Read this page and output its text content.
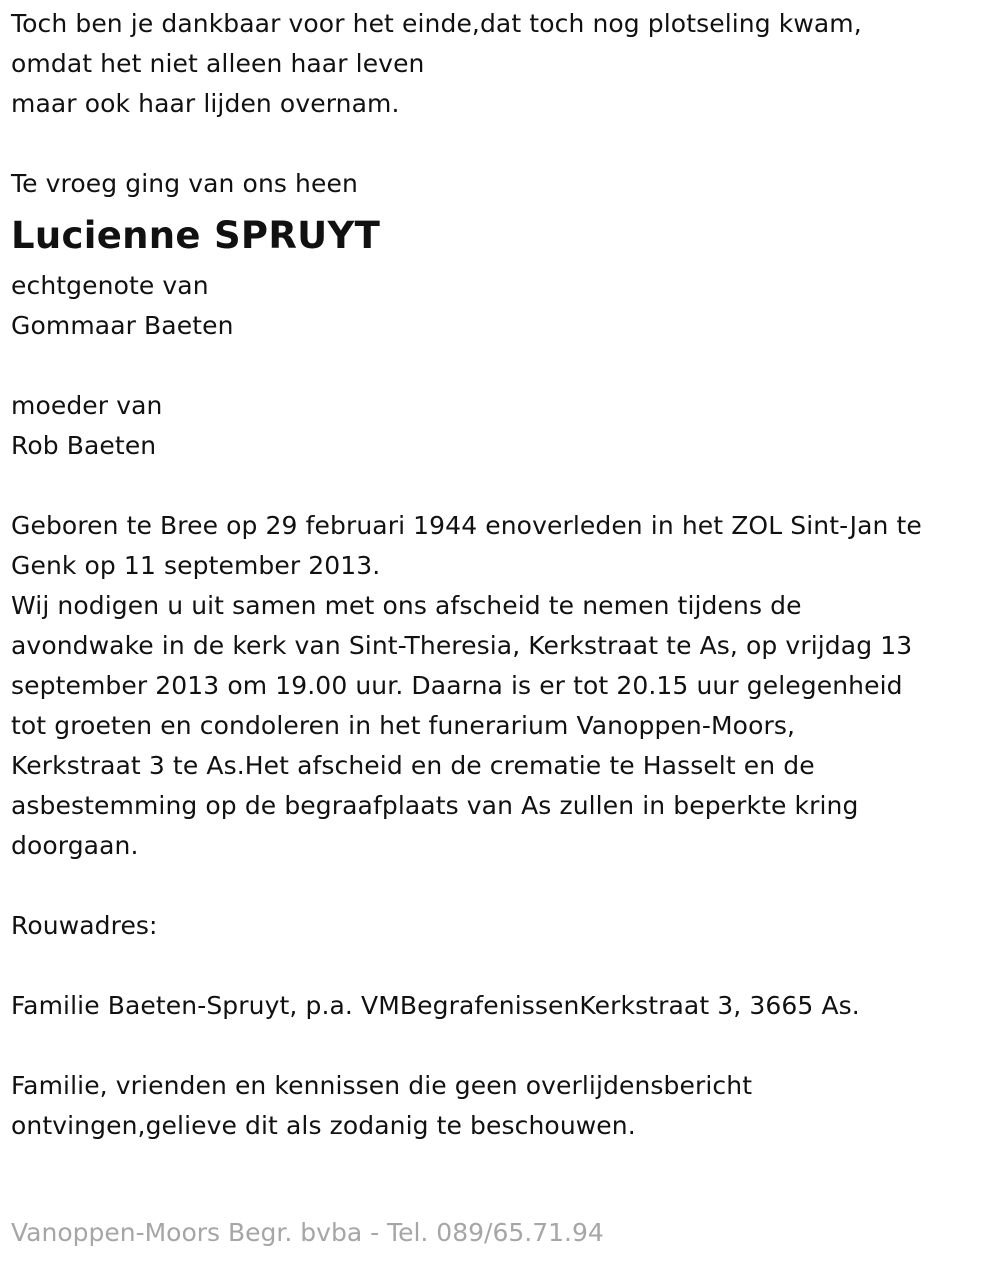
Toch ben je dankbaar voor het einde,dat toch nog plotseling kwam,
omdat het niet alleen haar leven
maar ook haar lijden overnam.
Te vroeg ging van ons heen
Lucienne SPRUYT
echtgenote van
Gommaar Baeten
moeder van
Rob Baeten
Geboren te Bree op 29 februari 1944 enoverleden in het ZOL Sint-Jan te
Genk op 11 september 2013.
Wij nodigen u uit samen met ons afscheid te nemen tijdens de
avondwake in de kerk van Sint-Theresia, Kerkstraat te As, op vrijdag 13
september 2013 om 19.00 uur. Daarna is er tot 20.15 uur gelegenheid
tot groeten en condoleren in het funerarium Vanoppen-Moors,
Kerkstraat 3 te As.Het afscheid en de crematie te Hasselt en de
asbestemming op de begraafplaats van As zullen in beperkte kring
doorgaan.
Rouwadres:
Familie Baeten-Spruyt, p.a. VMBegrafenissenKerkstraat 3, 3665 As.
Familie, vrienden en kennissen die geen overlijdensbericht
ontvingen,gelieve dit als zodanig te beschouwen.
Vanoppen-Moors Begr. bvba - Tel. 089/65.71.94
